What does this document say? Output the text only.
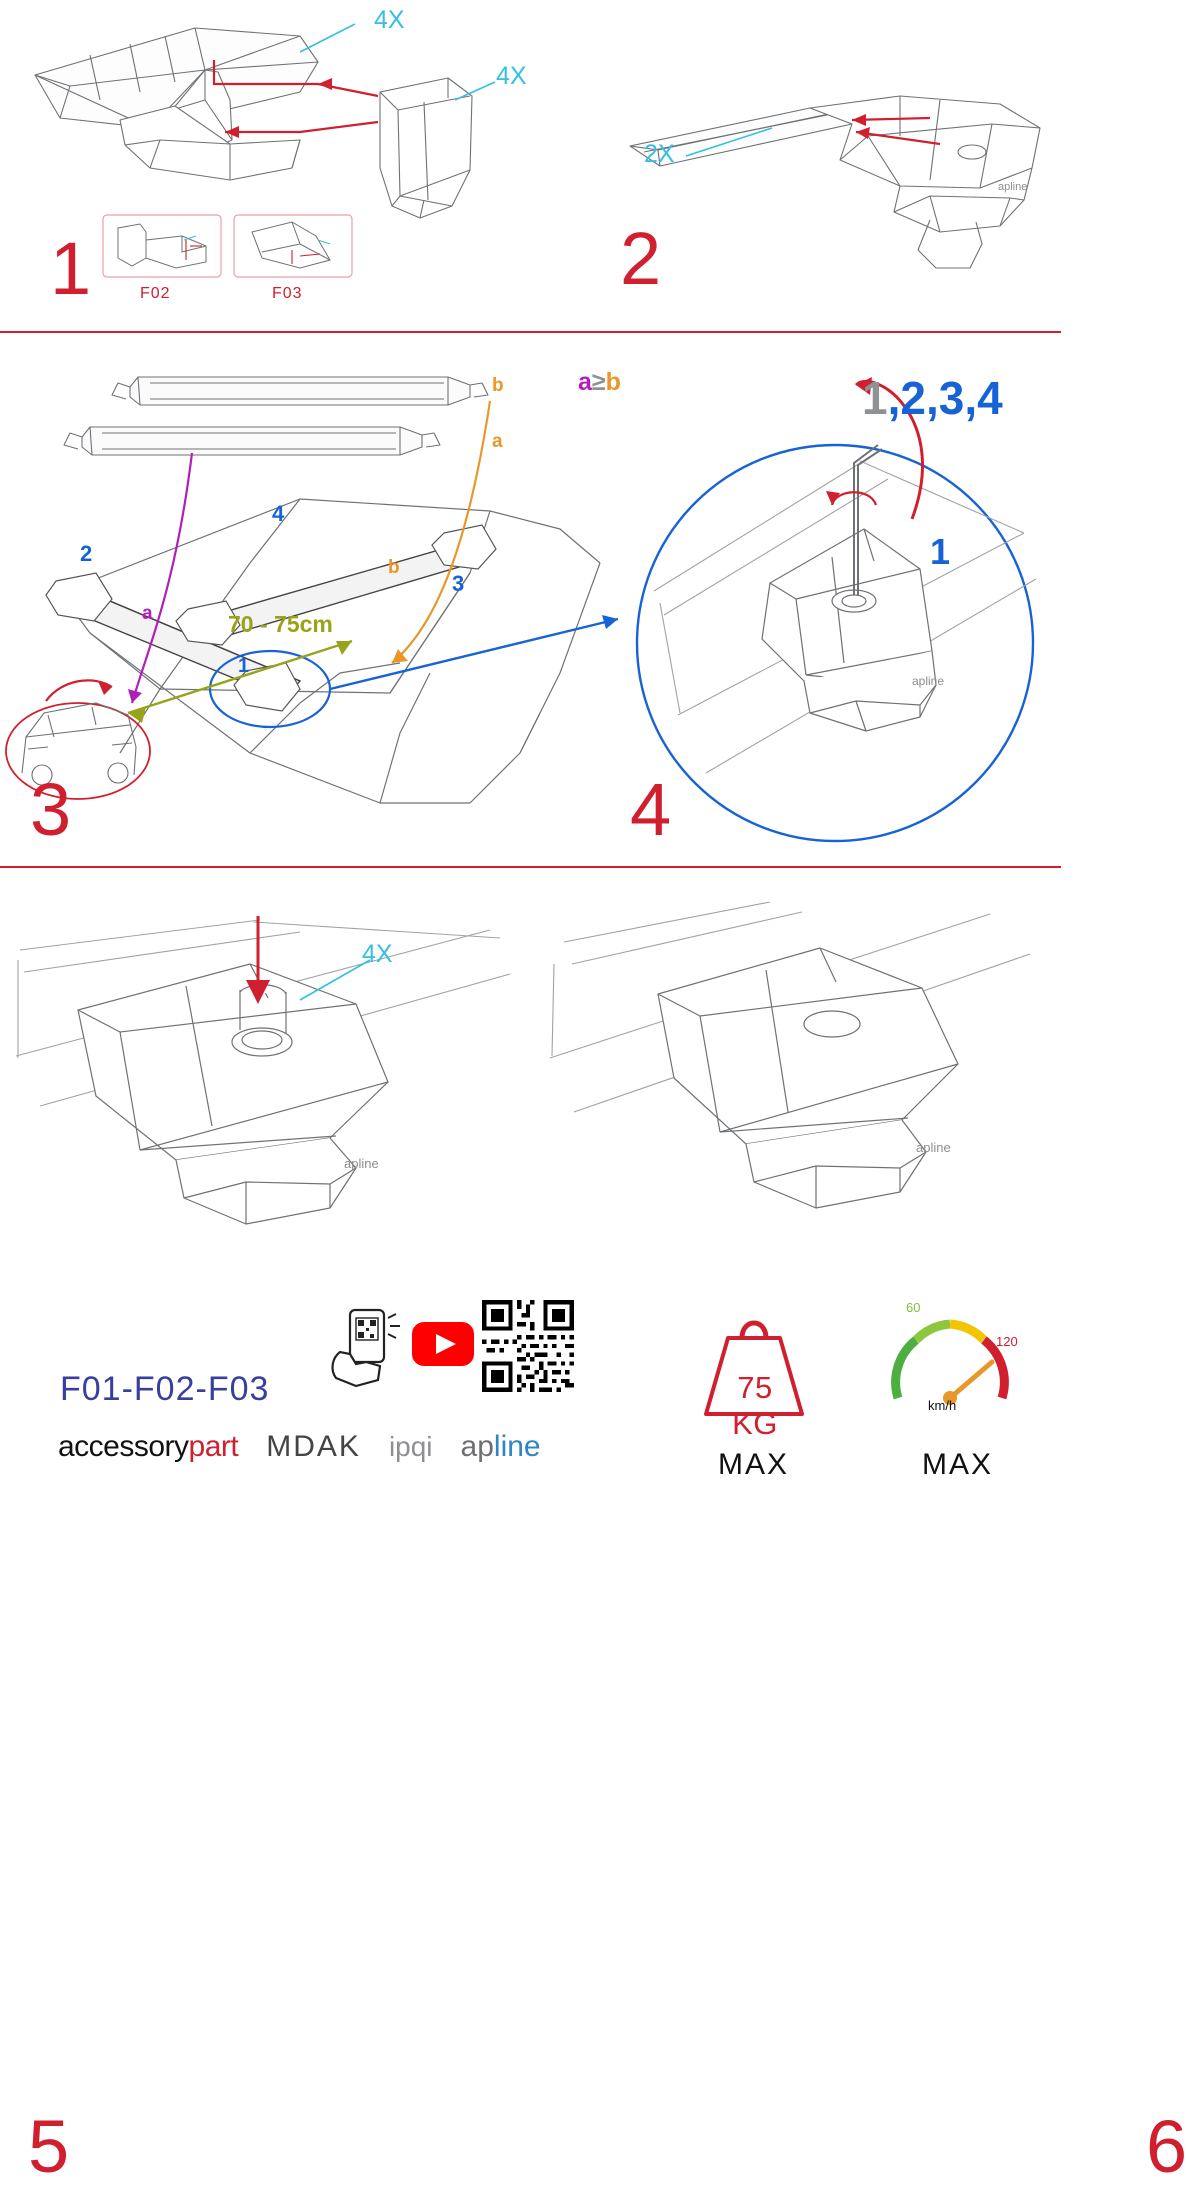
4X
4X
F02	F03
1
apline
2X
2
a
b
a
b
1
2
3
4
70 - 75cm
3
a≥b
apline
1,2,3,4
1
4
apline
4X
5
apline
6
F01-F02-F03
accessorypart MDAK ipqi apline
75 KG
MAX
60
120
km/h
MAX
